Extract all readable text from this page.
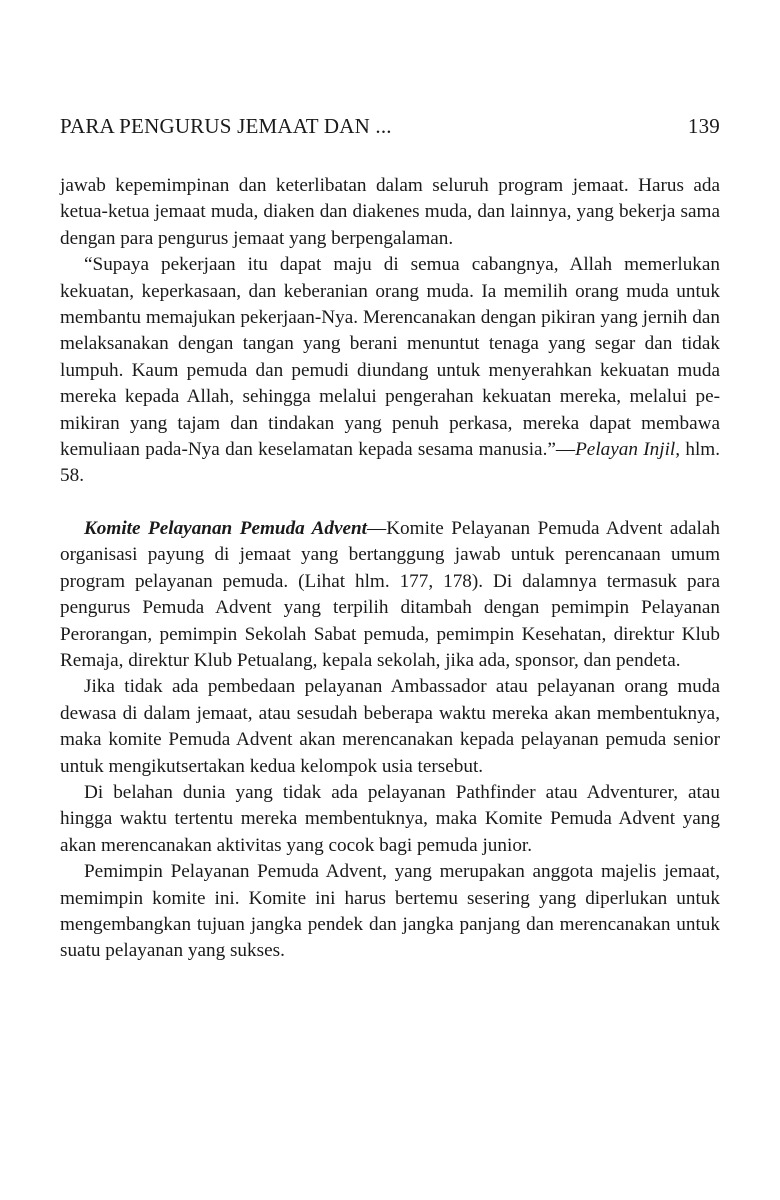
PARA PENGURUS JEMAAT DAN ...	139

jawab kepemimpinan dan keterlibatan dalam seluruh program jemaat. Harus ada ketua-ketua jemaat muda, diaken dan diakenes muda, dan lainnya, yang bekerja sama dengan para pengurus jemaat yang berpengalaman.

“Supaya pekerjaan itu dapat maju di semua cabangnya, Allah memerlukan kekuatan, keperkasaan, dan keberanian orang muda. Ia memilih orang muda untuk membantu memajukan pekerjaan-Nya. Merencanakan dengan pikiran yang jernih dan melaksanakan dengan tangan yang berani menuntut tenaga yang segar dan tidak lumpuh. Kaum pemuda dan pemudi diundang untuk menyerahkan kekuatan muda mereka kepada Allah, sehingga melalui pengerahan kekuatan mereka, melalui pemikiran yang tajam dan tindakan yang penuh perkasa, mereka dapat membawa kemuliaan pada-Nya dan keselamatan kepada sesama manusia.”—Pelayan Injil, hlm. 58.

Komite Pelayanan Pemuda Advent—Komite Pelayanan Pemuda Advent adalah organisasi payung di jemaat yang bertanggung jawab untuk perencanaan umum program pelayanan pemuda. (Lihat hlm. 177, 178). Di dalamnya termasuk para pengurus Pemuda Advent yang terpilih ditambah dengan pemimpin Pelayanan Perorangan, pemimpin Sekolah Sabat pemuda, pemimpin Kesehatan, direktur Klub Remaja, direktur Klub Petualang, kepala sekolah, jika ada, sponsor, dan pendeta.

Jika tidak ada pembedaan pelayanan Ambassador atau pelayanan orang muda dewasa di dalam jemaat, atau sesudah beberapa waktu mereka akan membentuknya, maka komite Pemuda Advent akan merencanakan kepada pelayanan pemuda senior untuk mengikutsertakan kedua kelompok usia tersebut.

Di belahan dunia yang tidak ada pelayanan Pathfinder atau Adventurer, atau hingga waktu tertentu mereka membentuknya, maka Komite Pemuda Advent yang akan merencanakan aktivitas yang cocok bagi pemuda junior.

Pemimpin Pelayanan Pemuda Advent, yang merupakan anggota majelis jemaat, memimpin komite ini. Komite ini harus bertemu sesering yang diperlukan untuk mengembangkan tujuan jangka pendek dan jangka panjang dan merencanakan untuk suatu pelayanan yang sukses.
